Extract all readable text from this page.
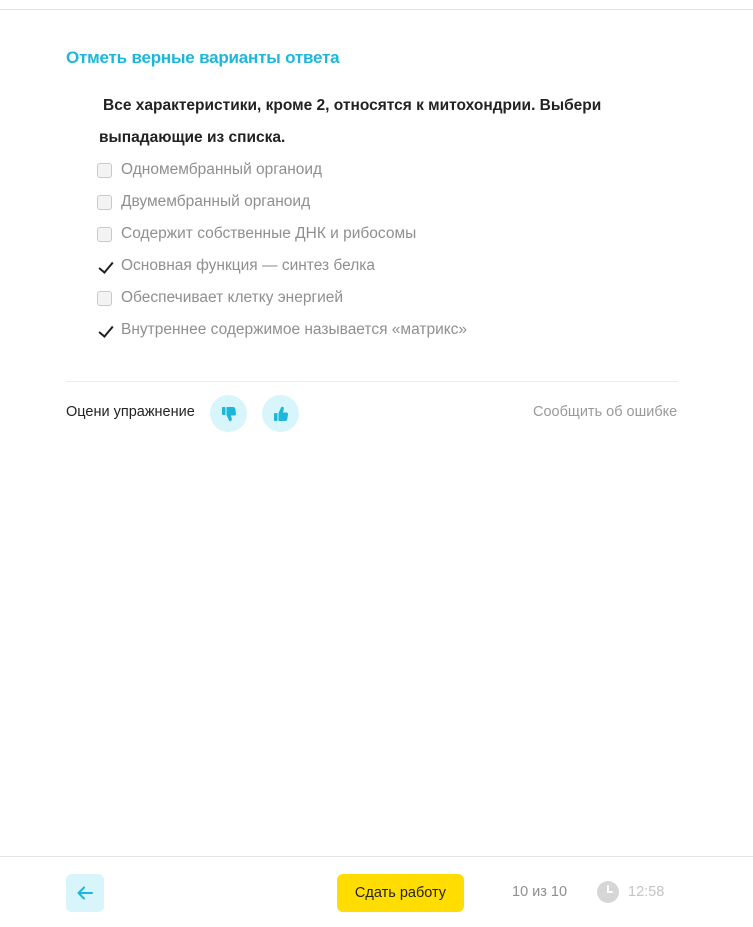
Отметь верные варианты ответа
Все характеристики, кроме 2, относятся к митохондрии. Выбери выпадающие из списка.
Одномембранный органоид
Двумембранный органоид
Содержит собственные ДНК и рибосомы
Основная функция — синтез белка
Обеспечивает клетку энергией
Внутреннее содержимое называется «матрикс»
Оцени упражнение	Сообщить об ошибке
Сдать работу	10 из 10	12:58
